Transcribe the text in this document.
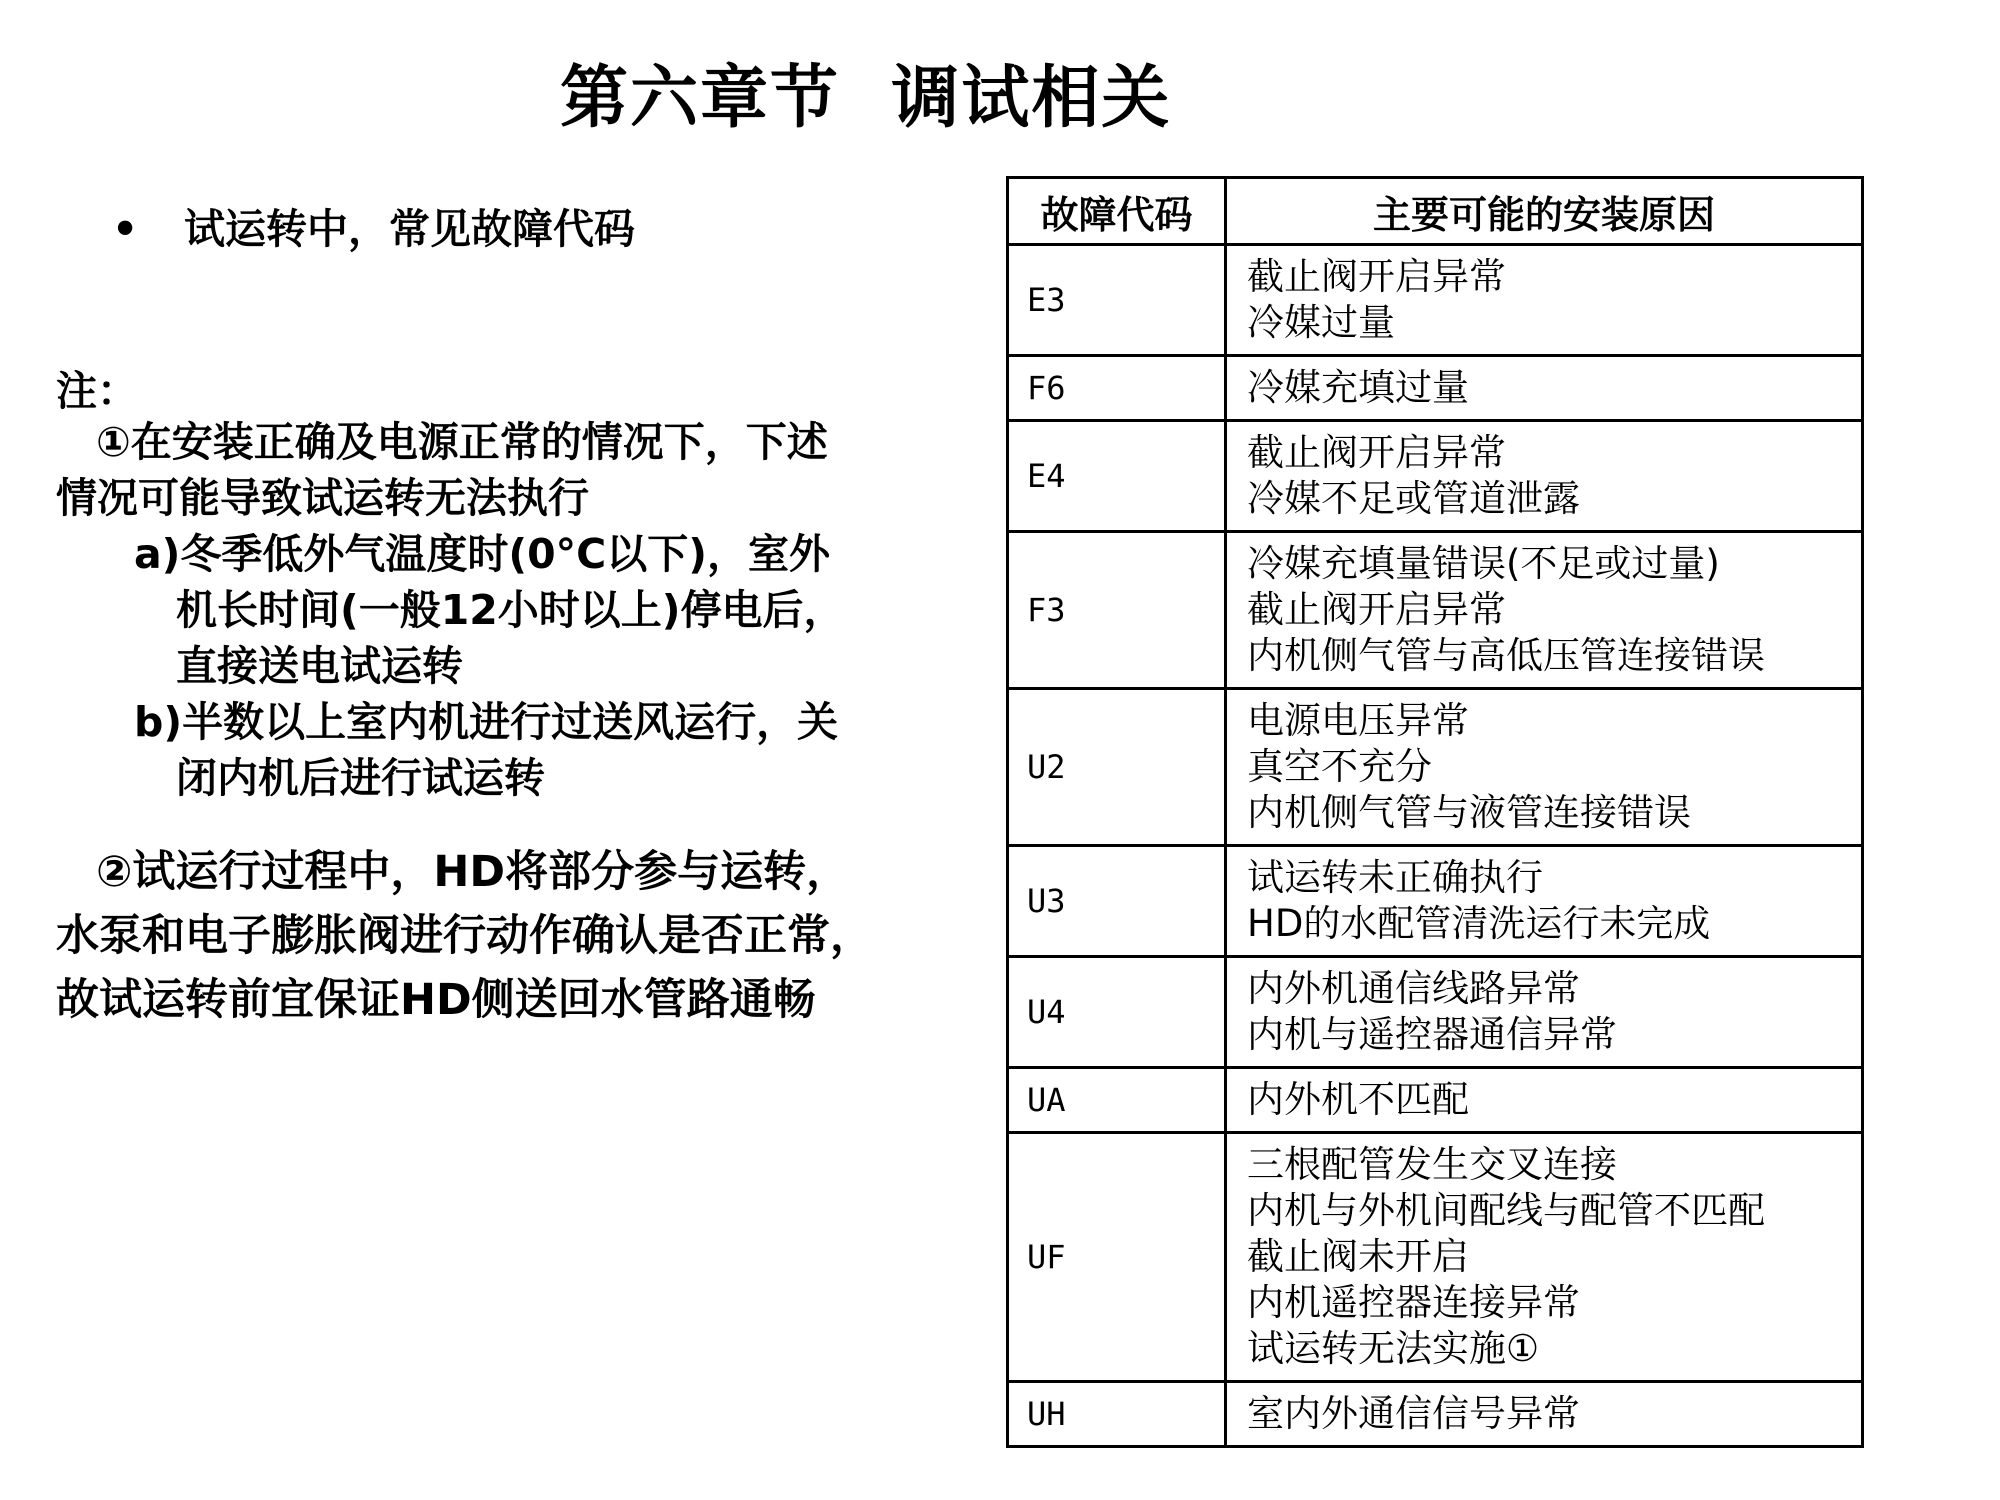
第六章节  调试相关
• 试运转中，常见故障代码
注：
①在安装正确及电源正常的情况下，下述
情况可能导致试运转无法执行
a)冬季低外气温度时(0°C以下)，室外
机长时间(一般12小时以上)停电后，
直接送电试运转
b)半数以上室内机进行过送风运行，关
闭内机后进行试运转
②试运行过程中，HD将部分参与运转，
水泵和电子膨胀阀进行动作确认是否正常，
故试运转前宜保证HD侧送回水管路通畅
故障代码	主要可能的安装原因
E3	截止阀开启异常
冷媒过量

F6	冷媒充填过量

E4	截止阀开启异常
冷媒不足或管道泄露

F3	冷媒充填量错误(不足或过量)
截止阀开启异常
内机侧气管与高低压管连接错误

U2	电源电压异常
真空不充分
内机侧气管与液管连接错误

U3	试运转未正确执行
HD的水配管清洗运行未完成

U4	内外机通信线路异常
内机与遥控器通信异常

UA	内外机不匹配

UF	三根配管发生交叉连接
内机与外机间配线与配管不匹配
截止阀未开启
内机遥控器连接异常
试运转无法实施①

UH	室内外通信信号异常
